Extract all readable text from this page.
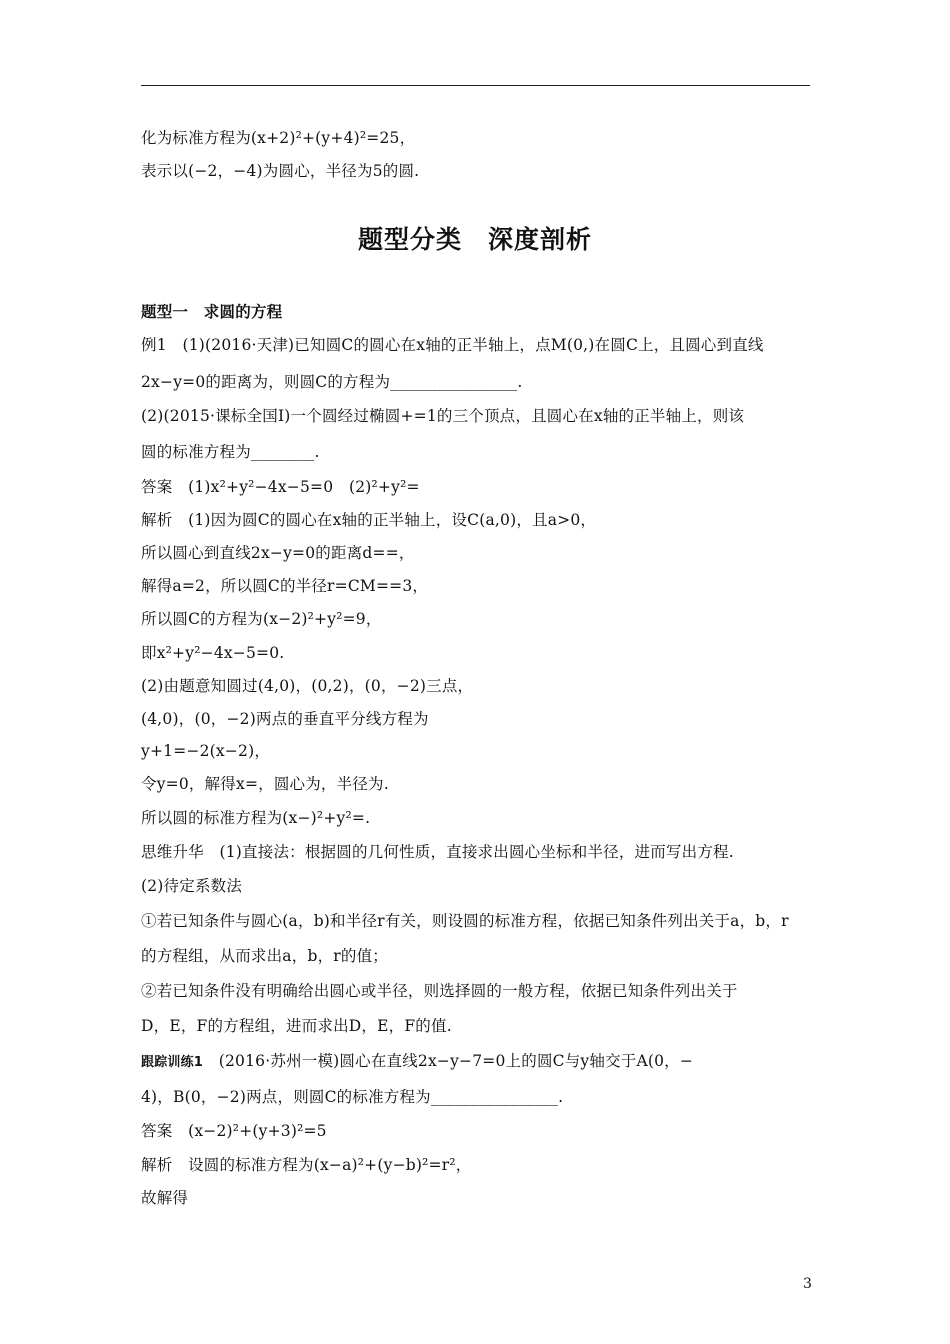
化为标准方程为(x+2)²+(y+4)²=25，
表示以(−2，−4)为圆心，半径为5的圆.
题型分类　深度剖析
题型一　求圆的方程
例1　(1)(2016·天津)已知圆C的圆心在x轴的正半轴上，点M(0,)在圆C上，且圆心到直线
2x−y=0的距离为，则圆C的方程为________________.
(2)(2015·课标全国Ⅰ)一个圆经过椭圆+=1的三个顶点，且圆心在x轴的正半轴上，则该
圆的标准方程为________.
答案　(1)x²+y²−4x−5=0　(2)²+y²=
解析　(1)因为圆C的圆心在x轴的正半轴上，设C(a,0)，且a>0，
所以圆心到直线2x−y=0的距离d==，
解得a=2，所以圆C的半径r=CM==3，
所以圆C的方程为(x−2)²+y²=9，
即x²+y²−4x−5=0.
(2)由题意知圆过(4,0)，(0,2)，(0，−2)三点，
(4,0)，(0，−2)两点的垂直平分线方程为
y+1=−2(x−2)，
令y=0，解得x=，圆心为，半径为.
所以圆的标准方程为(x−)²+y²=.
思维升华　(1)直接法：根据圆的几何性质，直接求出圆心坐标和半径，进而写出方程.
(2)待定系数法
①若已知条件与圆心(a，b)和半径r有关，则设圆的标准方程，依据已知条件列出关于a，b，r
的方程组，从而求出a，b，r的值；
②若已知条件没有明确给出圆心或半径，则选择圆的一般方程，依据已知条件列出关于
D，E，F的方程组，进而求出D，E，F的值.
跟踪训练1　(2016·苏州一模)圆心在直线2x−y−7=0上的圆C与y轴交于A(0，−
4)，B(0，−2)两点，则圆C的标准方程为________________.
答案　(x−2)²+(y+3)²=5
解析　设圆的标准方程为(x−a)²+(y−b)²=r²，
故解得
3
